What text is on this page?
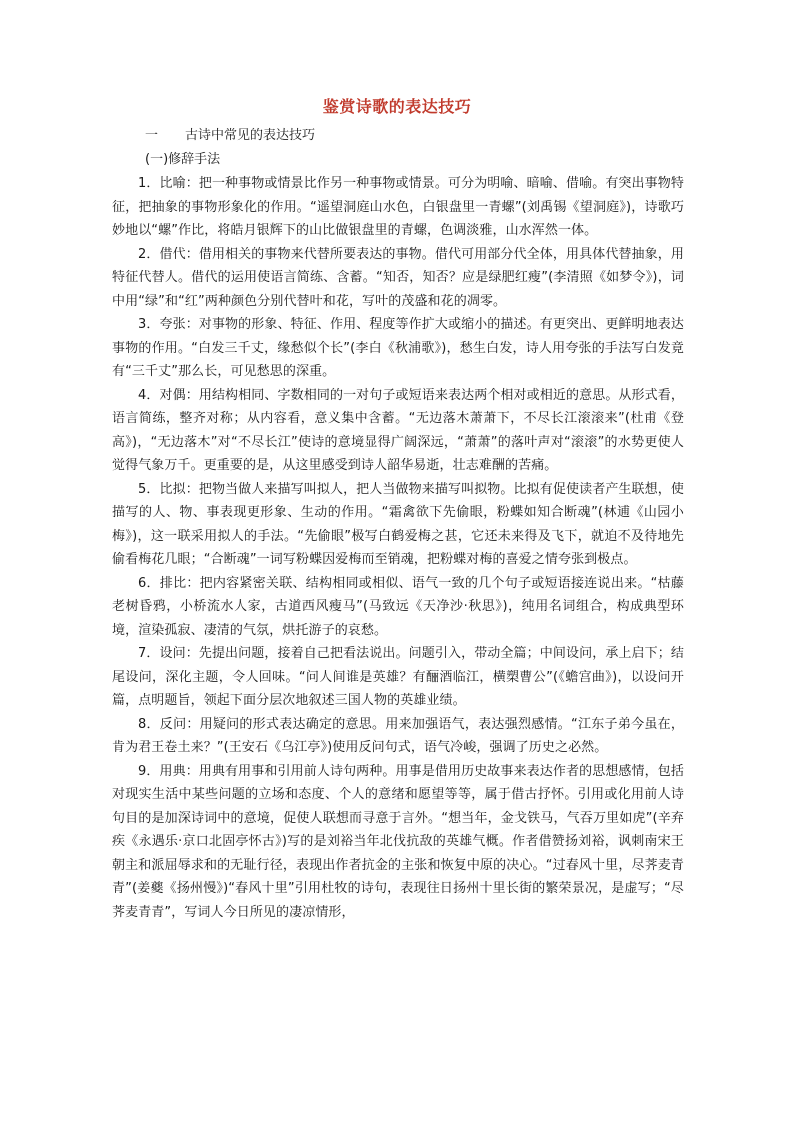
鉴赏诗歌的表达技巧
一 古诗中常见的表达技巧
(一)修辞手法

1．比喻：把一种事物或情景比作另一种事物或情景。可分为明喻、暗喻、借喻。有突出事物特征，把抽象的事物形象化的作用。“遥望洞庭山水色，白银盘里一青螺”(刘禹锡《望洞庭》)，诗歌巧妙地以“螺”作比，将皓月银辉下的山比做银盘里的青螺，色调淡雅，山水浑然一体。

2．借代：借用相关的事物来代替所要表达的事物。借代可用部分代全体，用具体代替抽象，用特征代替人。借代的运用使语言简练、含蓄。“知否，知否？应是绿肥红瘦”(李清照《如梦令》)，词中用“绿”和“红”两种颜色分别代替叶和花，写叶的茂盛和花的凋零。

3．夸张：对事物的形象、特征、作用、程度等作扩大或缩小的描述。有更突出、更鲜明地表达事物的作用。“白发三千丈，缘愁似个长”(李白《秋浦歌》)，愁生白发，诗人用夸张的手法写白发竟有“三千丈”那么长，可见愁思的深重。

4．对偶：用结构相同、字数相同的一对句子或短语来表达两个相对或相近的意思。从形式看，语言简练，整齐对称；从内容看，意义集中含蓄。“无边落木萧萧下，不尽长江滚滚来”(杜甫《登高》)，“无边落木”对“不尽长江”使诗的意境显得广阔深远，“萧萧”的落叶声对“滚滚”的水势更使人觉得气象万千。更重要的是，从这里感受到诗人韶华易逝，壮志难酬的苦痛。

5．比拟：把物当做人来描写叫拟人，把人当做物来描写叫拟物。比拟有促使读者产生联想，使描写的人、物、事表现更形象、生动的作用。“霜禽欲下先偷眼，粉蝶如知合断魂”(林逋《山园小梅》)，这一联采用拟人的手法。“先偷眼”极写白鹤爱梅之甚，它还未来得及飞下，就迫不及待地先偷看梅花几眼；“合断魂”一词写粉蝶因爱梅而至销魂，把粉蝶对梅的喜爱之情夸张到极点。

6．排比：把内容紧密关联、结构相同或相似、语气一致的几个句子或短语接连说出来。“枯藤老树昏鸦，小桥流水人家，古道西风瘦马”(马致远《天净沙·秋思》)，纯用名词组合，构成典型环境，渲染孤寂、凄清的气氛，烘托游子的哀愁。

7．设问：先提出问题，接着自己把看法说出。问题引入，带动全篇；中间设问，承上启下；结尾设问，深化主题，令人回味。“问人间谁是英雄？有酾酒临江，横槊曹公”(《蟾宫曲》)，以设问开篇，点明题旨，领起下面分层次地叙述三国人物的英雄业绩。

8．反问：用疑问的形式表达确定的意思。用来加强语气，表达强烈感情。“江东子弟今虽在，肯为君王卷土来？”(王安石《乌江亭》)使用反问句式，语气冷峻，强调了历史之必然。

9．用典：用典有用事和引用前人诗句两种。用事是借用历史故事来表达作者的思想感情，包括对现实生活中某些问题的立场和态度、个人的意绪和愿望等等，属于借古抒怀。引用或化用前人诗句目的是加深诗词中的意境，促使人联想而寻意于言外。“想当年，金戈铁马，气吞万里如虎”(辛弃疾《永遇乐·京口北固亭怀古》)写的是刘裕当年北伐抗敌的英雄气概。作者借赞扬刘裕，讽刺南宋王朝主和派屈辱求和的无耻行径，表现出作者抗金的主张和恢复中原的决心。“过春风十里，尽荠麦青青”(姜夔《扬州慢》)“春风十里”引用杜牧的诗句，表现往日扬州十里长街的繁荣景况，是虚写；“尽荠麦青青”，写词人今日所见的凄凉情形，
